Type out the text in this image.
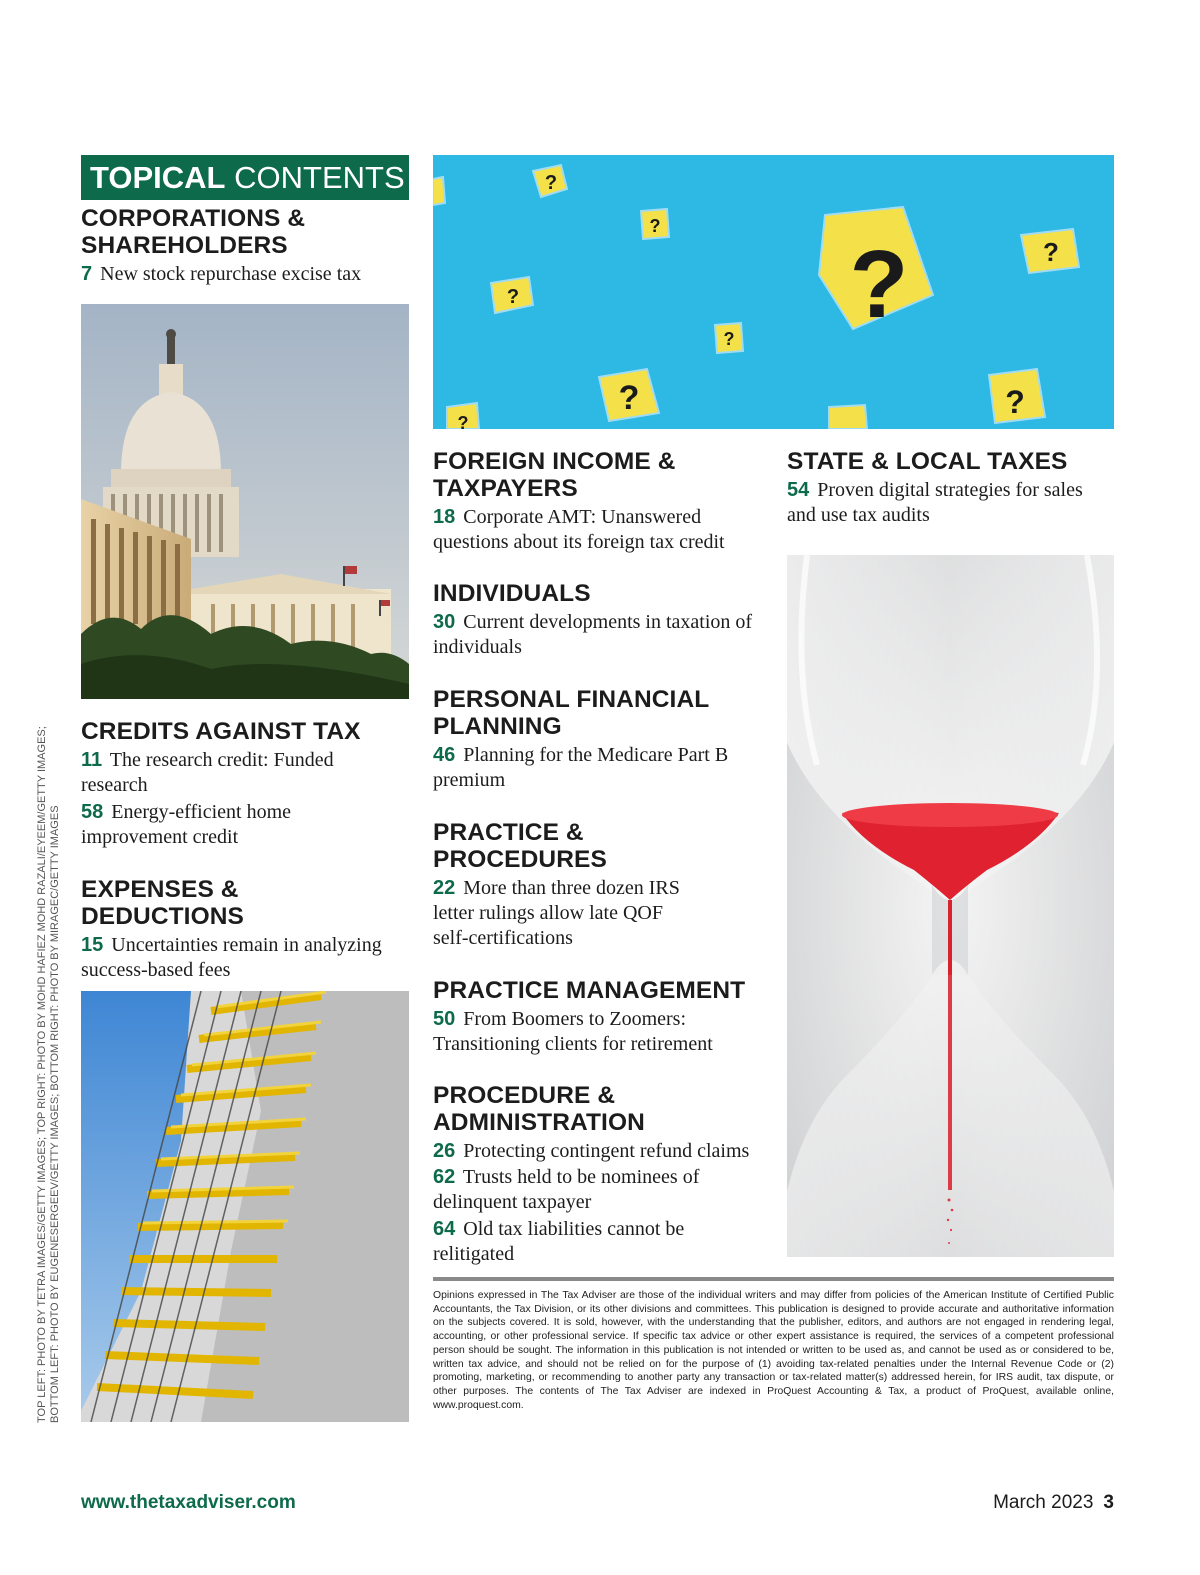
TOPICAL CONTENTS
CORPORATIONS &
SHAREHOLDERS

7 New stock repurchase excise tax

CREDITS AGAINST TAX

11 The research credit: Funded
research

58 Energy-efficient home
improvement credit

EXPENSES &
DEDUCTIONS

15 Uncertainties remain in analyzing
success-based fees

?
?
?
?
?
?	?
?
?
FOREIGN INCOME &
TAXPAYERS

18 Corporate AMT: Unanswered
questions about its foreign tax credit

INDIVIDUALS

30 Current developments in taxation of
individuals

PERSONAL FINANCIAL
PLANNING

46 Planning for the Medicare Part B
premium

PRACTICE &
PROCEDURES

22 More than three dozen IRS
letter rulings allow late QOF
self-certifications

PRACTICE MANAGEMENT

50 From Boomers to Zoomers:
Transitioning clients for retirement

PROCEDURE &
ADMINISTRATION

26 Protecting contingent refund claims

62 Trusts held to be nominees of
delinquent taxpayer

64 Old tax liabilities cannot be
relitigated

STATE & LOCAL TAXES

54 Proven digital strategies for sales
and use tax audits

Opinions expressed in The Tax Adviser are those of the individual writers and may differ from policies of the American Institute of Certified Public Accountants, the Tax Division, or its other divisions and committees. This publication is designed to provide accurate and authoritative information on the subjects covered. It is sold, however, with the understanding that the publisher, editors, and authors are not engaged in rendering legal, accounting, or other professional service. If specific tax advice or other expert assistance is required, the services of a competent professional person should be sought. The information in this publication is not intended or written to be used as, and cannot be used as or considered to be, written tax advice, and should not be relied on for the purpose of (1) avoiding tax-related penalties under the Internal Revenue Code or (2) promoting, marketing, or recommending to another party any transaction or tax-related matter(s) addressed herein, for IRS audit, tax dispute, or other purposes. The contents of The Tax Adviser are indexed in ProQuest Accounting & Tax, a product of ProQuest, available online, www.proquest.com.

TOP LEFT: PHOTO BY TETRA IMAGES/GETTY IMAGES; TOP RIGHT: PHOTO BY MOHD HAFIEZ MOHD RAZALI/EYEEM/GETTY IMAGES; BOTTOM LEFT: PHOTO BY EUGENESERGEEV/GETTY IMAGES; BOTTOM RIGHT: PHOTO BY MIRAGEC/GETTY IMAGES
www.thetaxadviser.com	March 2023 3
